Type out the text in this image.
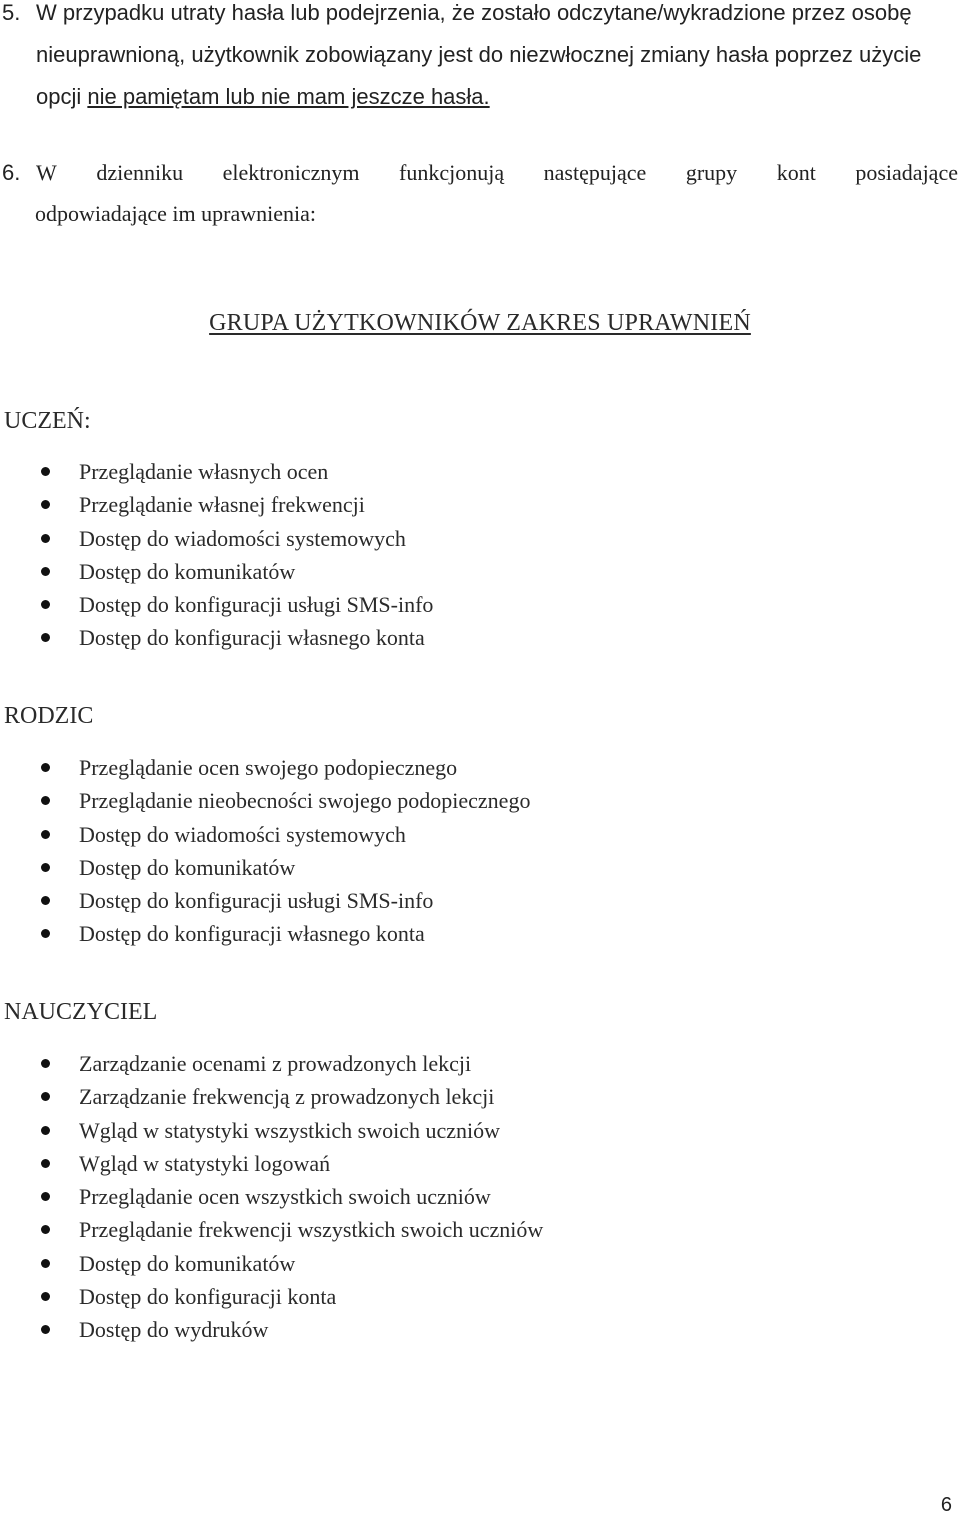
5. W przypadku utraty hasła lub podejrzenia, że zostało odczytane/wykradzione przez osobę
nieuprawnioną, użytkownik zobowiązany jest do niezwłocznej zmiany hasła poprzez użycie
opcji nie pamiętam lub nie mam jeszcze hasła.
6. W dzienniku elektronicznym funkcjonują następujące grupy kont posiadające
odpowiadające im uprawnienia:
GRUPA UŻYTKOWNIKÓW ZAKRES UPRAWNIEŃ
UCZEŃ:
Przeglądanie własnych ocen
Przeglądanie własnej frekwencji
Dostęp do wiadomości systemowych
Dostęp do komunikatów
Dostęp do konfiguracji usługi SMS-info
Dostęp do konfiguracji własnego konta
RODZIC
Przeglądanie ocen swojego podopiecznego
Przeglądanie nieobecności swojego podopiecznego
Dostęp do wiadomości systemowych
Dostęp do komunikatów
Dostęp do konfiguracji usługi SMS-info
Dostęp do konfiguracji własnego konta
NAUCZYCIEL
Zarządzanie ocenami z prowadzonych lekcji
Zarządzanie frekwencją z prowadzonych lekcji
Wgląd w statystyki wszystkich swoich uczniów
Wgląd w statystyki logowań
Przeglądanie ocen wszystkich swoich uczniów
Przeglądanie frekwencji wszystkich swoich uczniów
Dostęp do komunikatów
Dostęp do konfiguracji konta
Dostęp do wydruków
6
